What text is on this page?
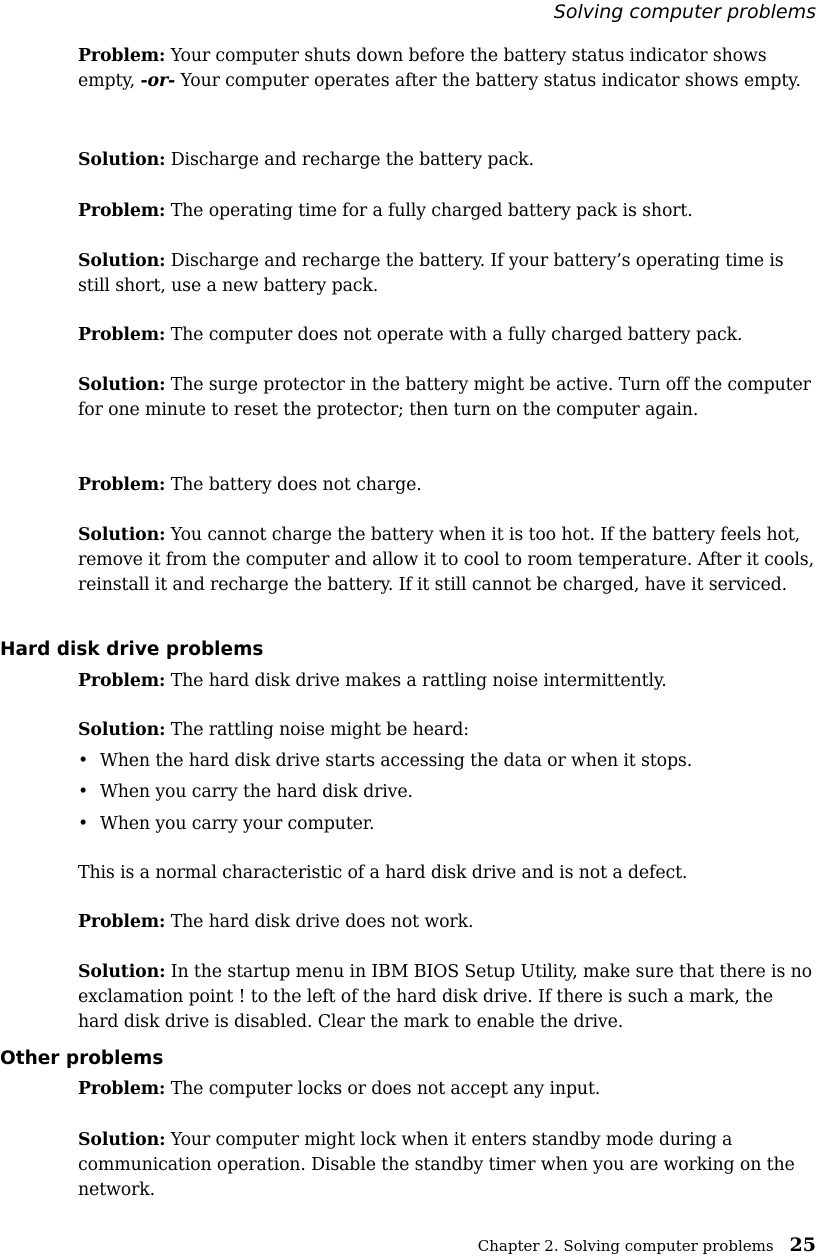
Solving computer problems

Problem: Your computer shuts down before the battery status indicator shows empty, -or- Your computer operates after the battery status indicator shows empty.

Solution: Discharge and recharge the battery pack.

Problem: The operating time for a fully charged battery pack is short.

Solution: Discharge and recharge the battery. If your battery’s operating time is still short, use a new battery pack.

Problem: The computer does not operate with a fully charged battery pack.

Solution: The surge protector in the battery might be active. Turn off the computer for one minute to reset the protector; then turn on the computer again.

Problem: The battery does not charge.

Solution: You cannot charge the battery when it is too hot. If the battery feels hot, remove it from the computer and allow it to cool to room temperature. After it cools, reinstall it and recharge the battery. If it still cannot be charged, have it serviced.

Hard disk drive problems

Problem: The hard disk drive makes a rattling noise intermittently.

Solution: The rattling noise might be heard:

• When the hard disk drive starts accessing the data or when it stops.
• When you carry the hard disk drive.
• When you carry your computer.

This is a normal characteristic of a hard disk drive and is not a defect.

Problem: The hard disk drive does not work.

Solution: In the startup menu in IBM BIOS Setup Utility, make sure that there is no exclamation point ! to the left of the hard disk drive. If there is such a mark, the hard disk drive is disabled. Clear the mark to enable the drive.

Other problems

Problem: The computer locks or does not accept any input.

Solution: Your computer might lock when it enters standby mode during a communication operation. Disable the standby timer when you are working on the network.

Chapter 2. Solving computer problems 25
